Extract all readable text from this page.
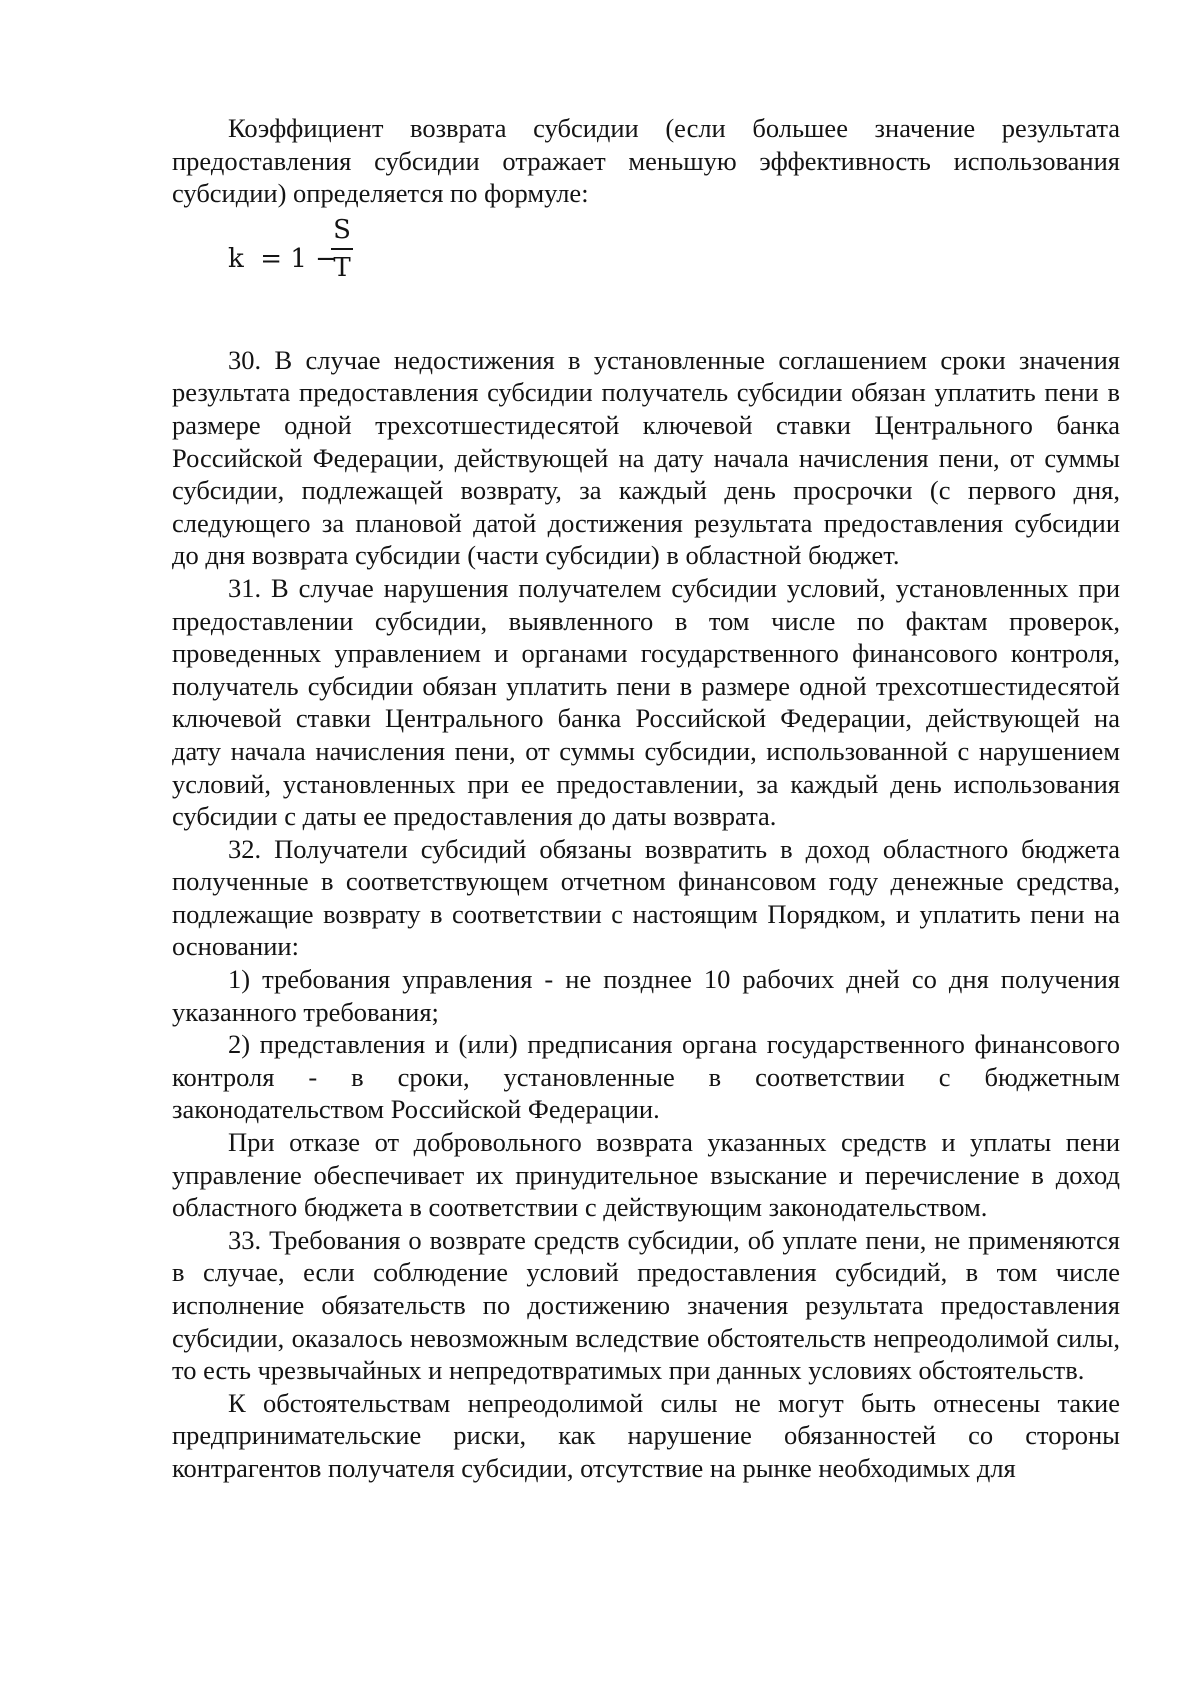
Коэффициент возврата субсидии (если большее значение результата предоставления субсидии отражает меньшую эффективность использования субсидии) определяется по формуле:

k  = 1 −
S
T

30. В случае недостижения в установленные соглашением сроки значения результата предоставления субсидии получатель субсидии обязан уплатить пени в размере одной трехсотшестидесятой ключевой ставки Центрального банка Российской Федерации, действующей на дату начала начисления пени, от суммы субсидии, подлежащей возврату, за каждый день просрочки (с первого дня, следующего за плановой датой достижения результата предоставления субсидии до дня возврата субсидии (части субсидии) в областной бюджет.

31. В случае нарушения получателем субсидии условий, установленных при предоставлении субсидии, выявленного в том числе по фактам проверок, проведенных управлением и органами государственного финансового контроля, получатель субсидии обязан уплатить пени в размере одной трехсотшестидесятой ключевой ставки Центрального банка Российской Федерации, действующей на дату начала начисления пени, от суммы субсидии, использованной с нарушением условий, установленных при ее предоставлении, за каждый день использования субсидии с даты ее предоставления до даты возврата.

32. Получатели субсидий обязаны возвратить в доход областного бюджета полученные в соответствующем отчетном финансовом году денежные средства, подлежащие возврату в соответствии с настоящим Порядком, и уплатить пени на основании:

1) требования управления - не позднее 10 рабочих дней со дня получения указанного требования;

2) представления и (или) предписания органа государственного финансового контроля - в сроки, установленные в соответствии с бюджетным законодательством Российской Федерации.

При отказе от добровольного возврата указанных средств и уплаты пени управление обеспечивает их принудительное взыскание и перечисление в доход областного бюджета в соответствии с действующим законодательством.

33. Требования о возврате средств субсидии, об уплате пени, не применяются в случае, если соблюдение условий предоставления субсидий, в том числе исполнение обязательств по достижению значения результата предоставления субсидии, оказалось невозможным вследствие обстоятельств непреодолимой силы, то есть чрезвычайных и непредотвратимых при данных условиях обстоятельств.

К обстоятельствам непреодолимой силы не могут быть отнесены такие предпринимательские риски, как нарушение обязанностей со стороны контрагентов получателя субсидии, отсутствие на рынке необходимых для
